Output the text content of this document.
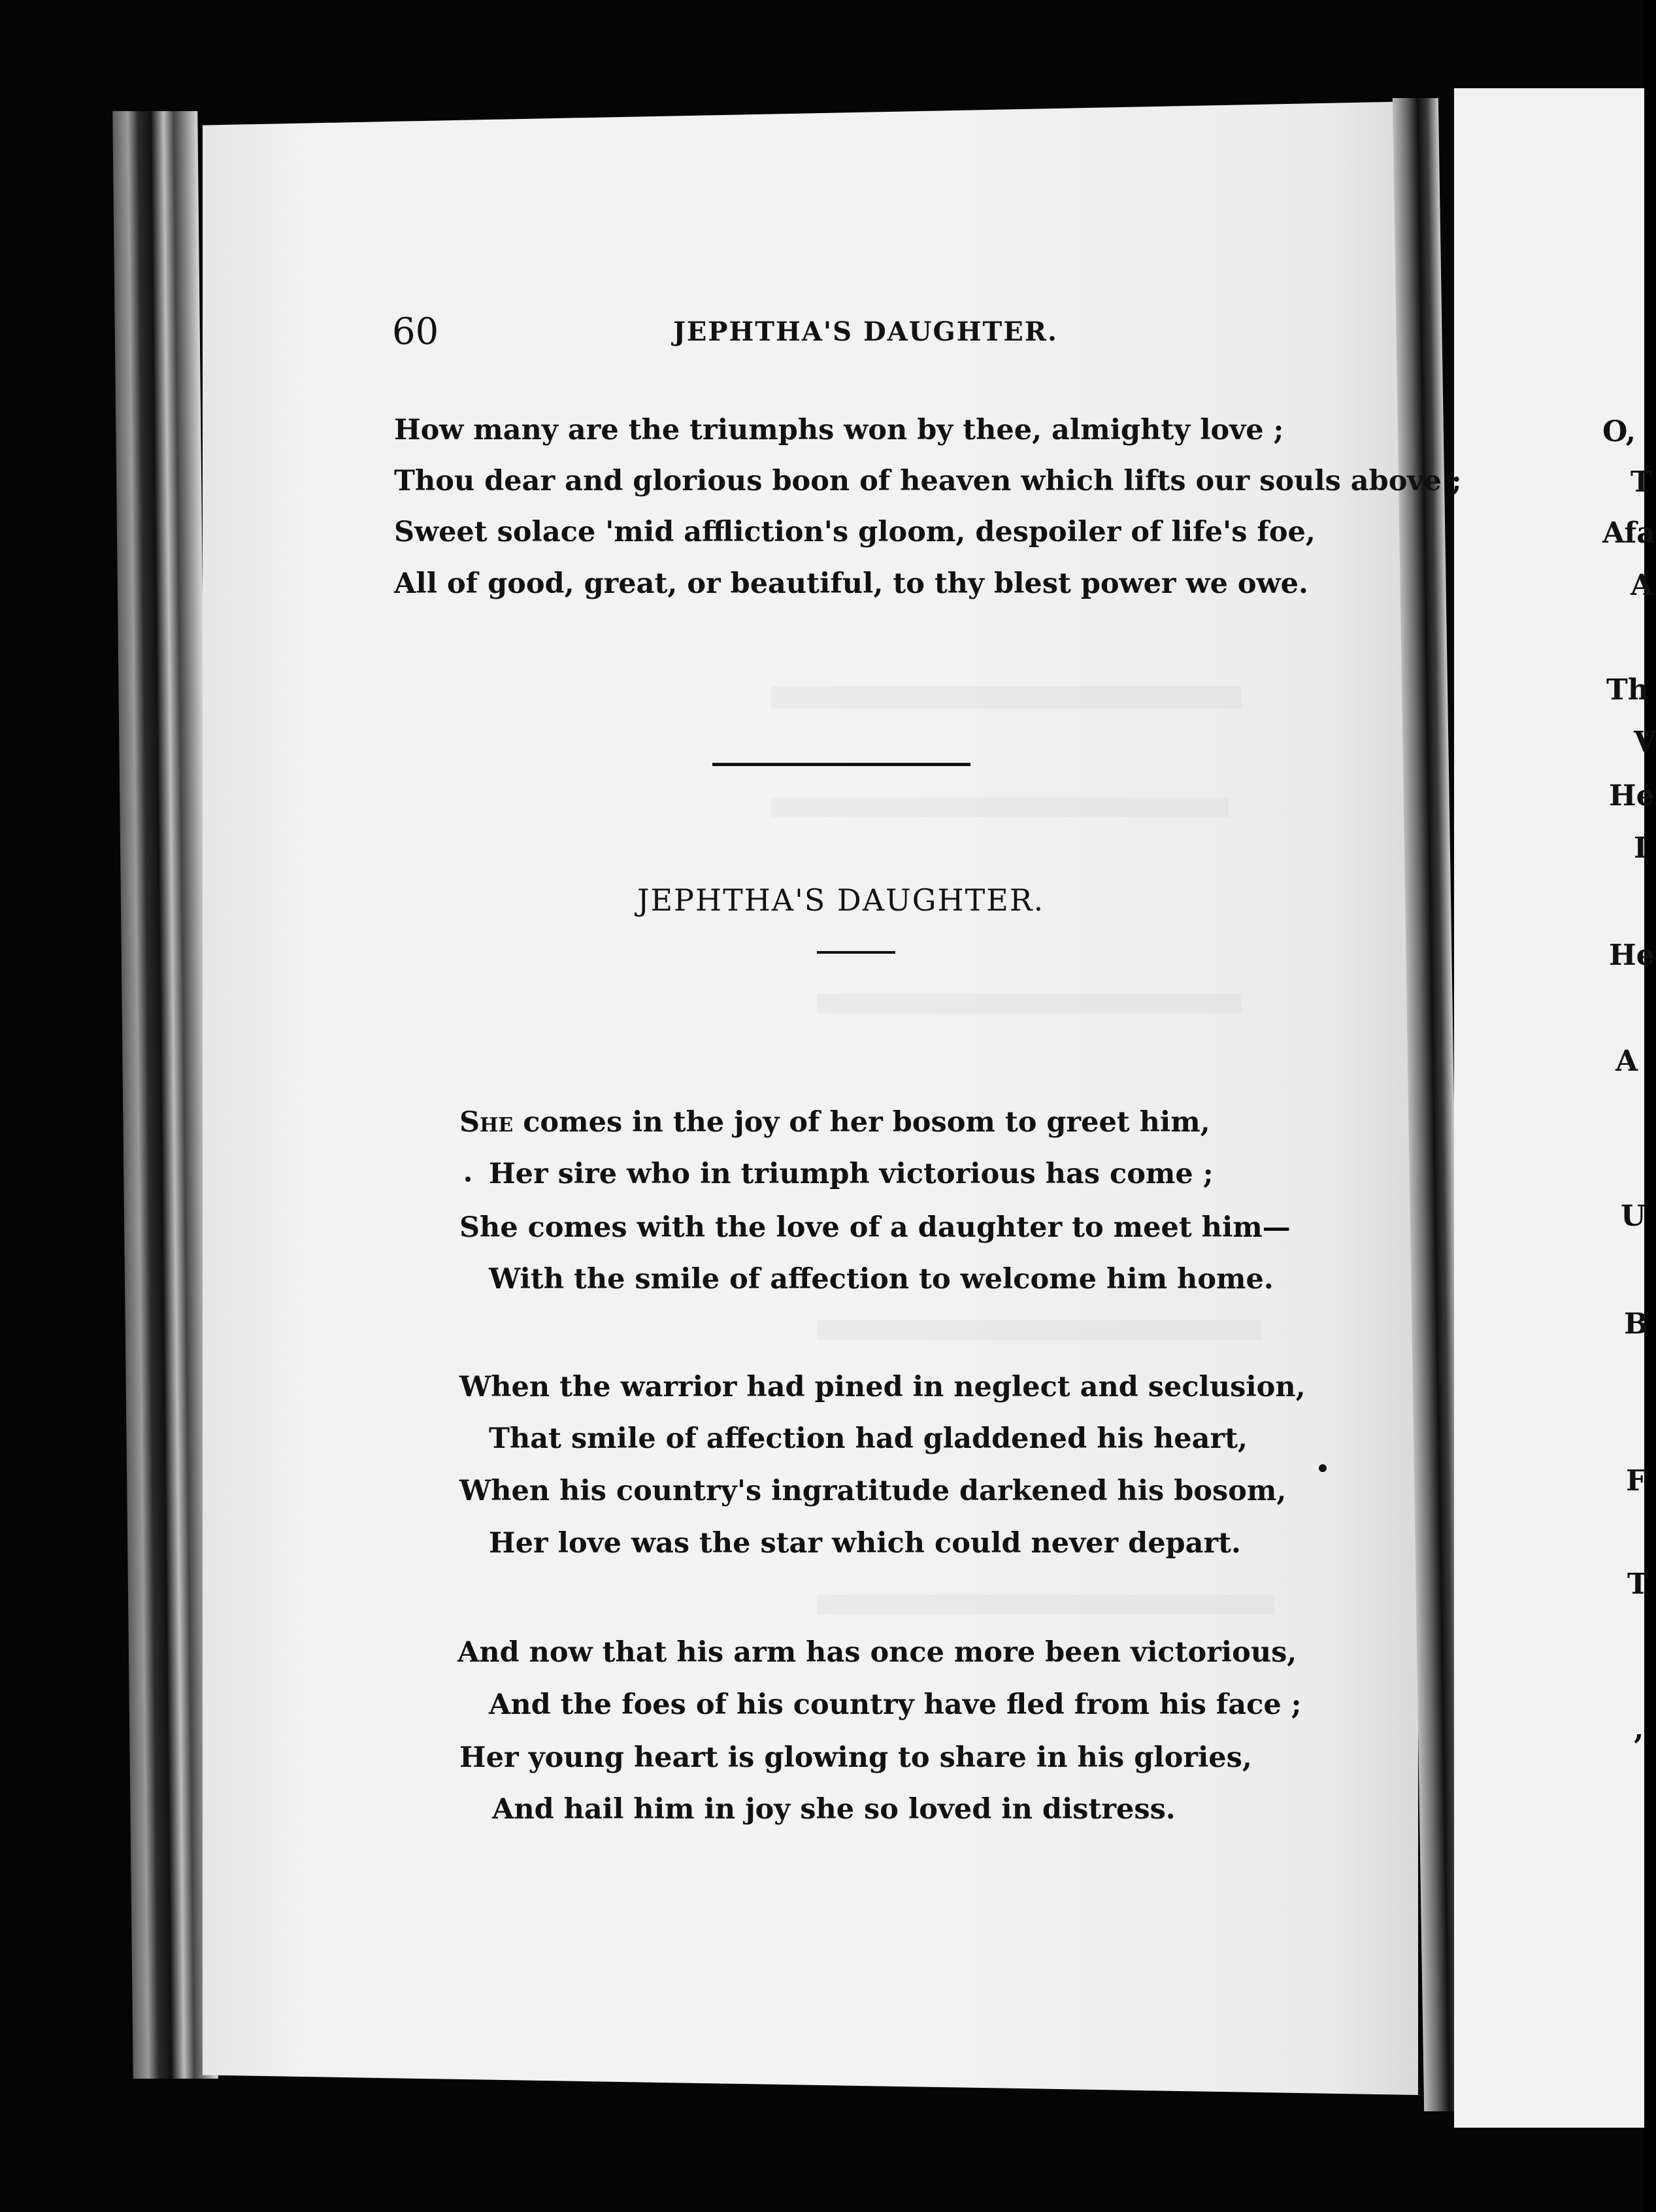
60	JEPHTHA'S DAUGHTER.
How many are the triumphs won by thee, almighty love ;
Thou dear and glorious boon of heaven which lifts our souls above ;
Sweet solace 'mid affliction's gloom, despoiler of life's foe,
All of good, great, or beautiful, to thy blest power we owe.
JEPHTHA'S DAUGHTER.
She comes in the joy of her bosom to greet him,
Her sire who in triumph victorious has come ;
She comes with the love of a daughter to meet him—
With the smile of affection to welcome him home.
When the warrior had pined in neglect and seclusion,
That smile of affection had gladdened his heart,
When his country's ingratitude darkened his bosom,
Her love was the star which could never depart.
And now that his arm has once more been victorious,
And the foes of his country have fled from his face ;
Her young heart is glowing to share in his glories,
And hail him in joy she so loved in distress.
O,
T
Afa
A
Th
V
He
I
He
A
U
B
F
T
,
